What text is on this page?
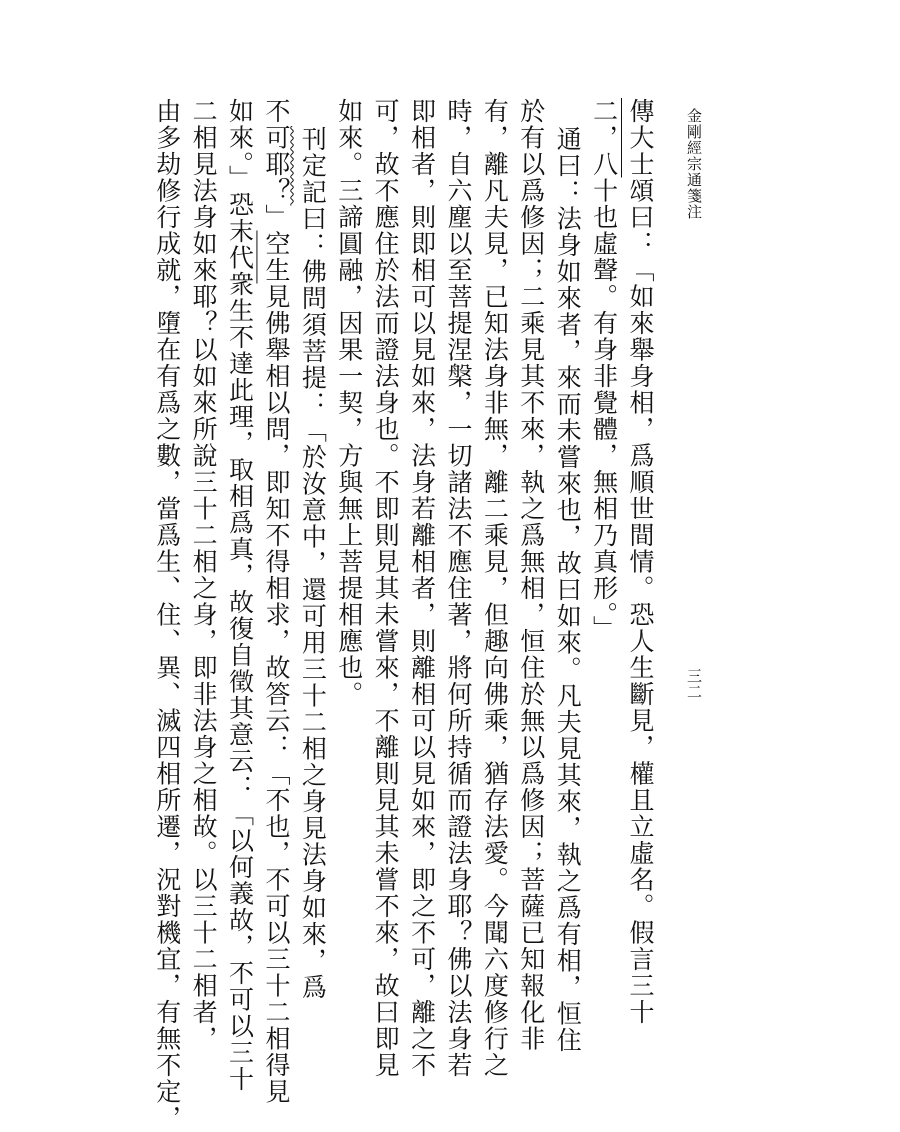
金剛經宗通箋注
三二
傳大士頌曰：「如來舉身相，爲順世間情。恐人生斷見，權且立虛名。假言三十
二，八十也虛聲。有身非覺體，無相乃真形。」
通曰：法身如來者，來而未嘗來也，故曰如來。凡夫見其來，執之爲有相，恒住
於有以爲修因；二乘見其不來，執之爲無相，恒住於無以爲修因；菩薩已知報化非
有，離凡夫見，已知法身非無，離二乘見，但趣向佛乘，猶存法愛。今聞六度修行之
時，自六塵以至菩提涅槃，一切諸法不應住著，將何所持循而證法身耶？佛以法身若
即相者，則即相可以見如來，法身若離相者，則離相可以見如來，即之不可，離之不
可，故不應住於法而證法身也。不即則見其未嘗來，不離則見其未嘗不來，故曰即見
如來。三諦圓融，因果一契，方與無上菩提相應也。
刊定記曰：佛問須菩提：「於汝意中，還可用三十二相之身見法身如來，爲
不可耶？」空生見佛舉相以問，即知不得相求，故答云：「不也，不可以三十二相得見
如來。」恐末代衆生不達此理，取相爲真，故復自徵其意云：「以何義故，不可以三十
二相見法身如來耶？以如來所說三十二相之身，即非法身之相故。以三十二相者，
由多劫修行成就，墮在有爲之數，當爲生、住、異、滅四相所遷，況對機宜，有無不定，
